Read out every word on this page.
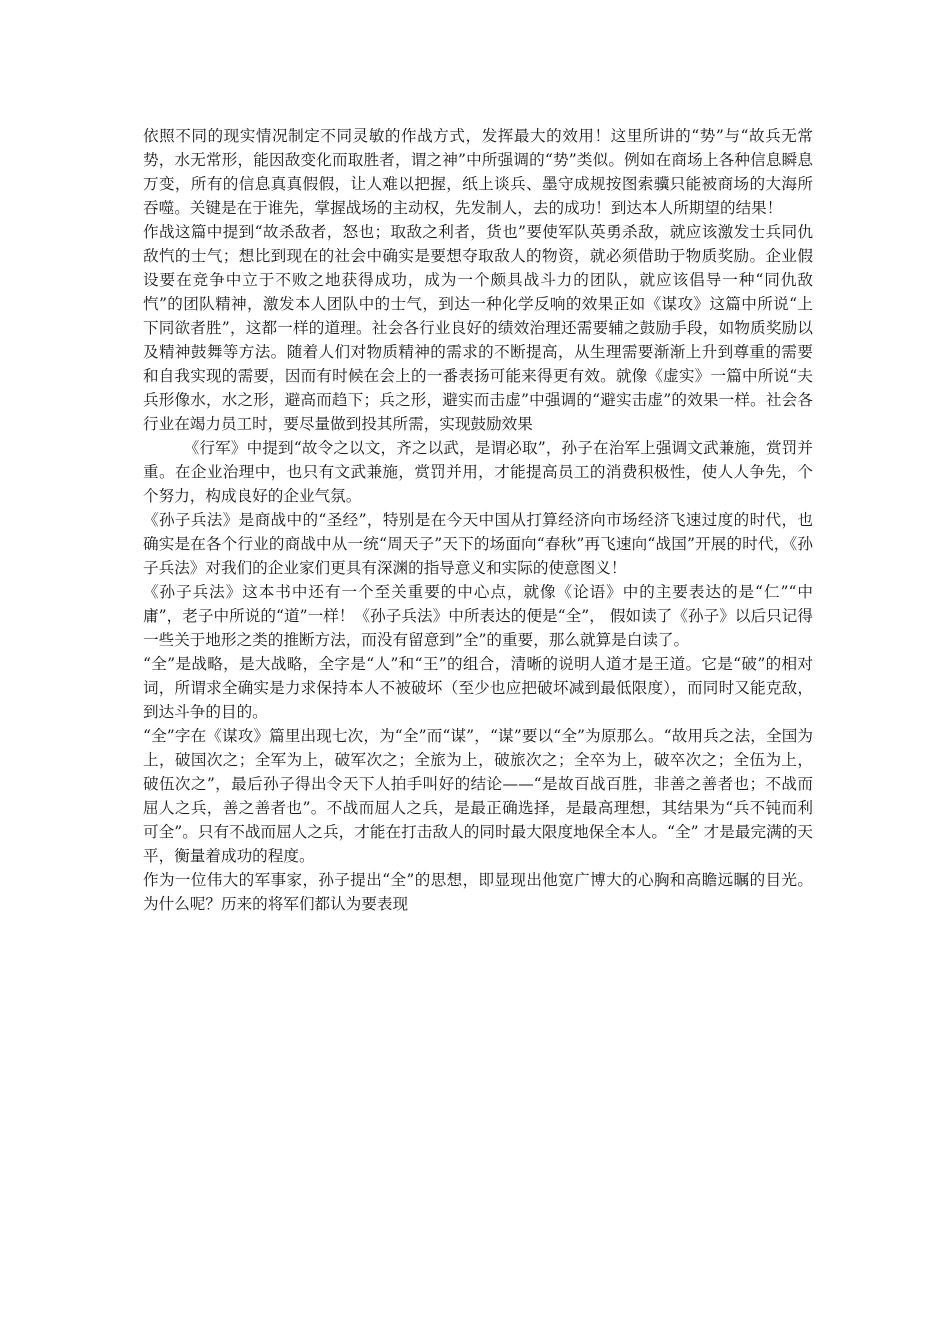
依照不同的现实情况制定不同灵敏的作战方式，发挥最大的效用！这里所讲的“势”与“故兵无常势，水无常形，能因敌变化而取胜者，谓之神”中所强调的“势”类似。例如在商场上各种信息瞬息万变，所有的信息真真假假，让人难以把握，纸上谈兵、墨守成规按图索骥只能被商场的大海所吞噬。关键是在于谁先，掌握战场的主动权，先发制人，去的成功！到达本人所期望的结果！

作战这篇中提到“故杀敌者，怒也；取敌之利者，货也”要使军队英勇杀敌，就应该激发士兵同仇敌忾的士气；想比到现在的社会中确实是要想夺取敌人的物资，就必须借助于物质奖励。企业假设要在竞争中立于不败之地获得成功，成为一个颇具战斗力的团队，就应该倡导一种“同仇敌忾”的团队精神，激发本人团队中的士气，到达一种化学反响的效果正如《谋攻》这篇中所说“上下同欲者胜”，这都一样的道理。社会各行业良好的绩效治理还需要辅之鼓励手段，如物质奖励以及精神鼓舞等方法。随着人们对物质精神的需求的不断提高，从生理需要渐渐上升到尊重的需要和自我实现的需要，因而有时候在会上的一番表扬可能来得更有效。就像《虚实》一篇中所说“夫兵形像水，水之形，避高而趋下；兵之形，避实而击虚”中强调的“避实击虚”的效果一样。社会各行业在竭力员工时，要尽量做到投其所需，实现鼓励效果

《行军》中提到“故令之以文，齐之以武，是谓必取”，孙子在治军上强调文武兼施，赏罚并重。在企业治理中，也只有文武兼施，赏罚并用，才能提高员工的消费积极性，使人人争先，个个努力，构成良好的企业气氛。

《孙子兵法》是商战中的“圣经”，特别是在今天中国从打算经济向市场经济飞速过度的时代，也确实是在各个行业的商战中从一统“周天子”天下的场面向“春秋”再飞速向“战国”开展的时代，《孙子兵法》对我们的企业家们更具有深渊的指导意义和实际的使意图义！

《孙子兵法》这本书中还有一个至关重要的中心点，就像《论语》中的主要表达的是“仁”“中庸”，老子中所说的“道”一样！《孙子兵法》中所表达的便是“全”， 假如读了《孙子》以后只记得一些关于地形之类的推断方法，而没有留意到”全”的重要，那么就算是白读了。

“全”是战略，是大战略，全字是“人”和“王”的组合，清晰的说明人道才是王道。它是“破”的相对词，所谓求全确实是力求保持本人不被破坏（至少也应把破坏减到最低限度），而同时又能克敌，到达斗争的目的。

“全”字在《谋攻》篇里出现七次，为“全”而“谋”，“谋”要以“全”为原那么。“故用兵之法，全国为上，破国次之；全军为上，破军次之；全旅为上，破旅次之；全卒为上，破卒次之；全伍为上，破伍次之”，最后孙子得出令天下人拍手叫好的结论——“是故百战百胜，非善之善者也；不战而屈人之兵，善之善者也”。不战而屈人之兵，是最正确选择，是最高理想，其结果为“兵不钝而利可全”。只有不战而屈人之兵，才能在打击敌人的同时最大限度地保全本人。“全” 才是最完满的天平，衡量着成功的程度。

作为一位伟大的军事家，孙子提出“全”的思想，即显现出他宽广博大的心胸和高瞻远瞩的目光。为什么呢？历来的将军们都认为要表现
